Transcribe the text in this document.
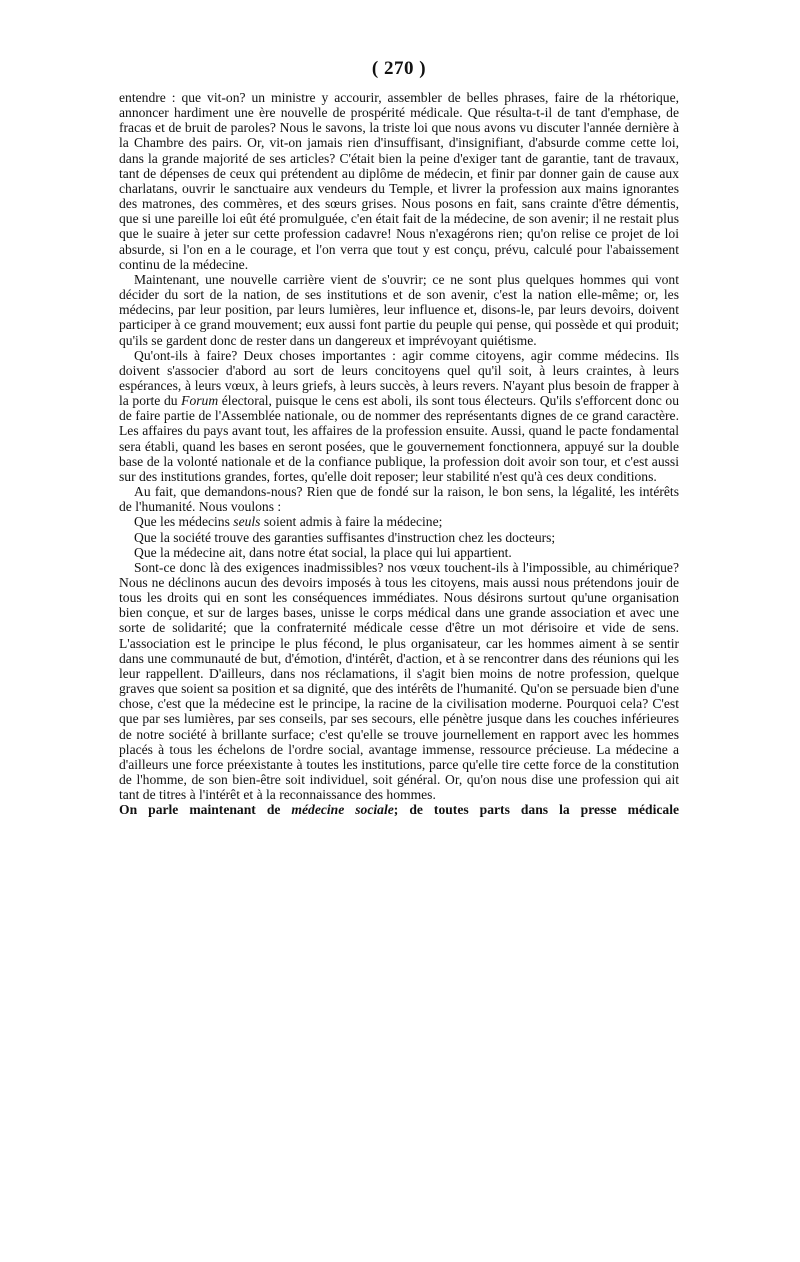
( 270 )

entendre : que vit-on? un ministre y accourir, assembler de belles phrases, faire de la rhétorique, annoncer hardiment une ère nouvelle de prospérité médicale. Que résulta-t-il de tant d'emphase, de fracas et de bruit de paroles? Nous le savons, la triste loi que nous avons vu discuter l'année dernière à la Chambre des pairs. Or, vit-on jamais rien d'insuffisant, d'insignifiant, d'absurde comme cette loi, dans la grande majorité de ses articles? C'était bien la peine d'exiger tant de garantie, tant de travaux, tant de dépenses de ceux qui prétendent au diplôme de médecin, et finir par donner gain de cause aux charlatans, ouvrir le sanctuaire aux vendeurs du Temple, et livrer la profession aux mains ignorantes des matrones, des commères, et des sœurs grises. Nous posons en fait, sans crainte d'être démentis, que si une pareille loi eût été promulguée, c'en était fait de la médecine, de son avenir; il ne restait plus que le suaire à jeter sur cette profession cadavre! Nous n'exagérons rien; qu'on relise ce projet de loi absurde, si l'on en a le courage, et l'on verra que tout y est conçu, prévu, calculé pour l'abaissement continu de la médecine.

Maintenant, une nouvelle carrière vient de s'ouvrir; ce ne sont plus quelques hommes qui vont décider du sort de la nation, de ses institutions et de son avenir, c'est la nation elle-même; or, les médecins, par leur position, par leurs lumières, leur influence et, disons-le, par leurs devoirs, doivent participer à ce grand mouvement; eux aussi font partie du peuple qui pense, qui possède et qui produit; qu'ils se gardent donc de rester dans un dangereux et imprévoyant quiétisme.

Qu'ont-ils à faire? Deux choses importantes : agir comme citoyens, agir comme médecins. Ils doivent s'associer d'abord au sort de leurs concitoyens quel qu'il soit, à leurs craintes, à leurs espérances, à leurs vœux, à leurs griefs, à leurs succès, à leurs revers. N'ayant plus besoin de frapper à la porte du Forum électoral, puisque le cens est aboli, ils sont tous électeurs. Qu'ils s'efforcent donc ou de faire partie de l'Assemblée nationale, ou de nommer des représentants dignes de ce grand caractère. Les affaires du pays avant tout, les affaires de la profession ensuite. Aussi, quand le pacte fondamental sera établi, quand les bases en seront posées, que le gouvernement fonctionnera, appuyé sur la double base de la volonté nationale et de la confiance publique, la profession doit avoir son tour, et c'est aussi sur des institutions grandes, fortes, qu'elle doit reposer; leur stabilité n'est qu'à ces deux conditions.

Au fait, que demandons-nous? Rien que de fondé sur la raison, le bon sens, la légalité, les intérêts de l'humanité. Nous voulons :

Que les médecins seuls soient admis à faire la médecine;

Que la société trouve des garanties suffisantes d'instruction chez les docteurs;

Que la médecine ait, dans notre état social, la place qui lui appartient.

Sont-ce donc là des exigences inadmissibles? nos vœux touchent-ils à l'impossible, au chimérique? Nous ne déclinons aucun des devoirs imposés à tous les citoyens, mais aussi nous prétendons jouir de tous les droits qui en sont les conséquences immédiates. Nous désirons surtout qu'une organisation bien conçue, et sur de larges bases, unisse le corps médical dans une grande association et avec une sorte de solidarité; que la confraternité médicale cesse d'être un mot dérisoire et vide de sens. L'association est le principe le plus fécond, le plus organisateur, car les hommes aiment à se sentir dans une communauté de but, d'émotion, d'intérêt, d'action, et à se rencontrer dans des réunions qui les leur rappellent. D'ailleurs, dans nos réclamations, il s'agit bien moins de notre profession, quelque graves que soient sa position et sa dignité, que des intérêts de l'humanité. Qu'on se persuade bien d'une chose, c'est que la médecine est le principe, la racine de la civilisation moderne. Pourquoi cela? C'est que par ses lumières, par ses conseils, par ses secours, elle pénètre jusque dans les couches inférieures de notre société à brillante surface; c'est qu'elle se trouve journellement en rapport avec les hommes placés à tous les échelons de l'ordre social, avantage immense, ressource précieuse. La médecine a d'ailleurs une force préexistante à toutes les institutions, parce qu'elle tire cette force de la constitution de l'homme, de son bien-être soit individuel, soit général. Or, qu'on nous dise une profession qui ait tant de titres à l'intérêt et à la reconnaissance des hommes.

On parle maintenant de médecine sociale; de toutes parts dans la presse médicale
